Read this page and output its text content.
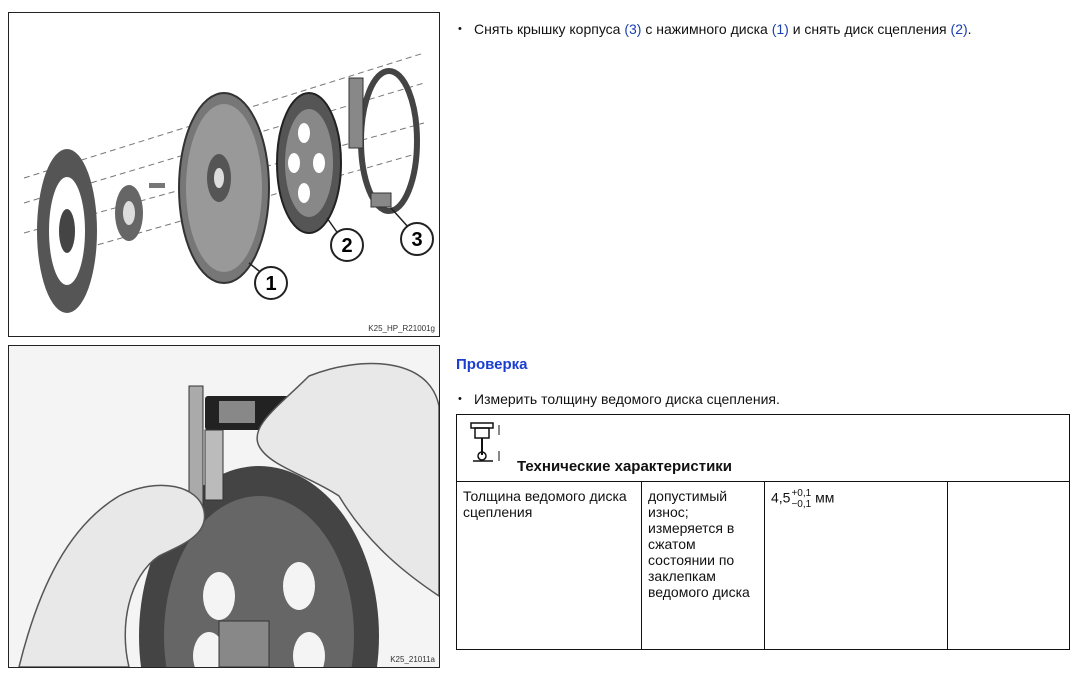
1
2	3
K25_HP_R21001g
K25_21011a
• Снять крышку корпуса (3) с нажимного диска (1) и снять диск сцепления (2).
Проверка
• Измерить толщину ведомого диска сцепления.
Технические характеристики

Толщина ведомого диска сцепления	допустимый износ; измеряется в сжатом состоянии по заклепкам ведомого диска	4,5+0,1
−0,1 мм	
